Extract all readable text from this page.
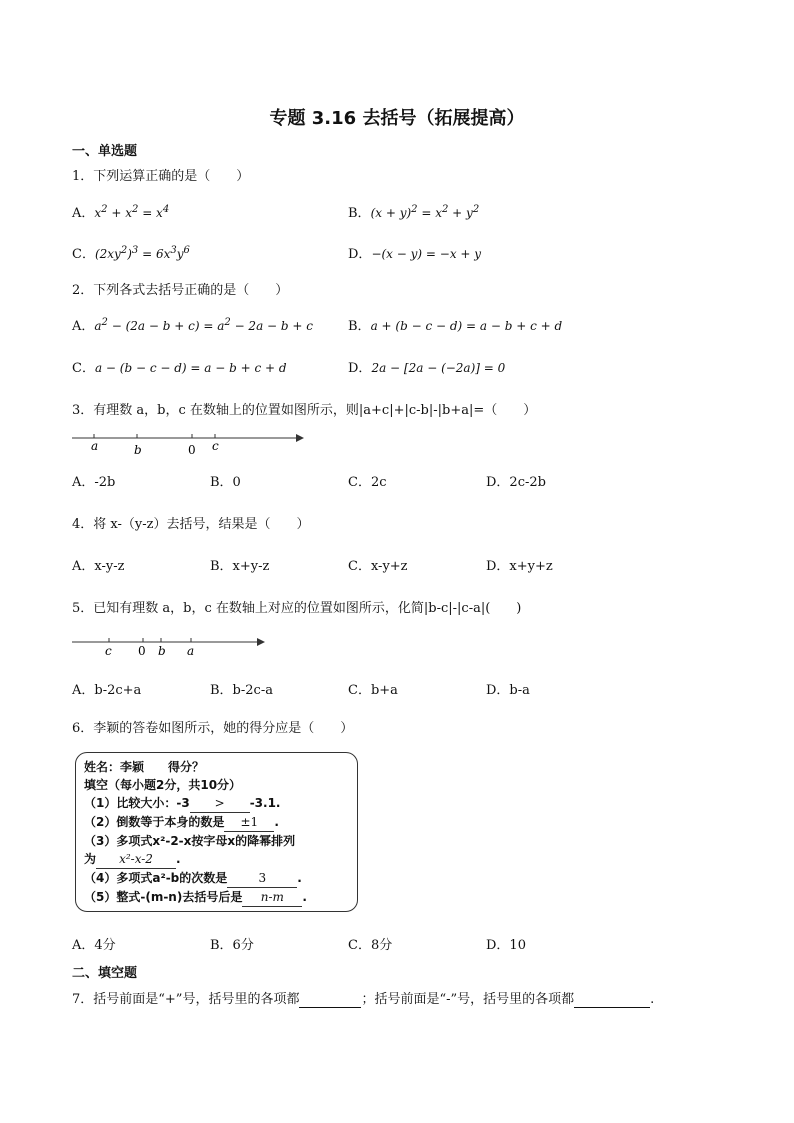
专题 3.16 去括号（拓展提高）
一、单选题
1．下列运算正确的是（　　）
A．$x^2 + x^2 = x^4$	B．$(x + y)^2 = x^2 + y^2$
C．$(2xy^2)^3 = 6x^3y^6$	D．−(x − y) = −x + y
2．下列各式去括号正确的是（　　）
A．$a^2 - (2a - b + c) = a^2 - 2a - b + c$	B．a + (b − c − d) = a − b + c + d
C．a − (b − c − d) = a − b + c + d	D．2a − [2a − (−2a)] = 0
3．有理数 a，b，c 在数轴上的位置如图所示，则|a+c|+|c-b|-|b+a|=（　　）
a	b	0 c
A．-2b	B．0	C．2c	D．2c-2b
4．将 x-（y-z）去括号，结果是（　　）
A．x-y-z	B．x+y-z	C．x-y+z	D．x+y+z
5．已知有理数 a，b，c 在数轴上对应的位置如图所示，化简|b-c|-|c-a|(　　)
c 0 b a
A．b-2c+a	B．b-2c-a	C．b+a	D．b-a
6．李颖的答卷如图所示，她的得分应是（　　）
姓名：李颖　　得分？
填空（每小题2分，共10分）
（1）比较大小：-3 > -3.1.
（2）倒数等于本身的数是 ±1 .
（3）多项式x²-2-x按字母x的降幂排列
为 x²-x-2 .
（4）多项式a²-b的次数是	3	.
（5）整式-(m-n)去括号后是 n-m .
A．4分	B．6分	C．8分	D．10
二、填空题
7．括号前面是“+”号，括号里的各项都	；括号前面是“-”号，括号里的各项都	.
